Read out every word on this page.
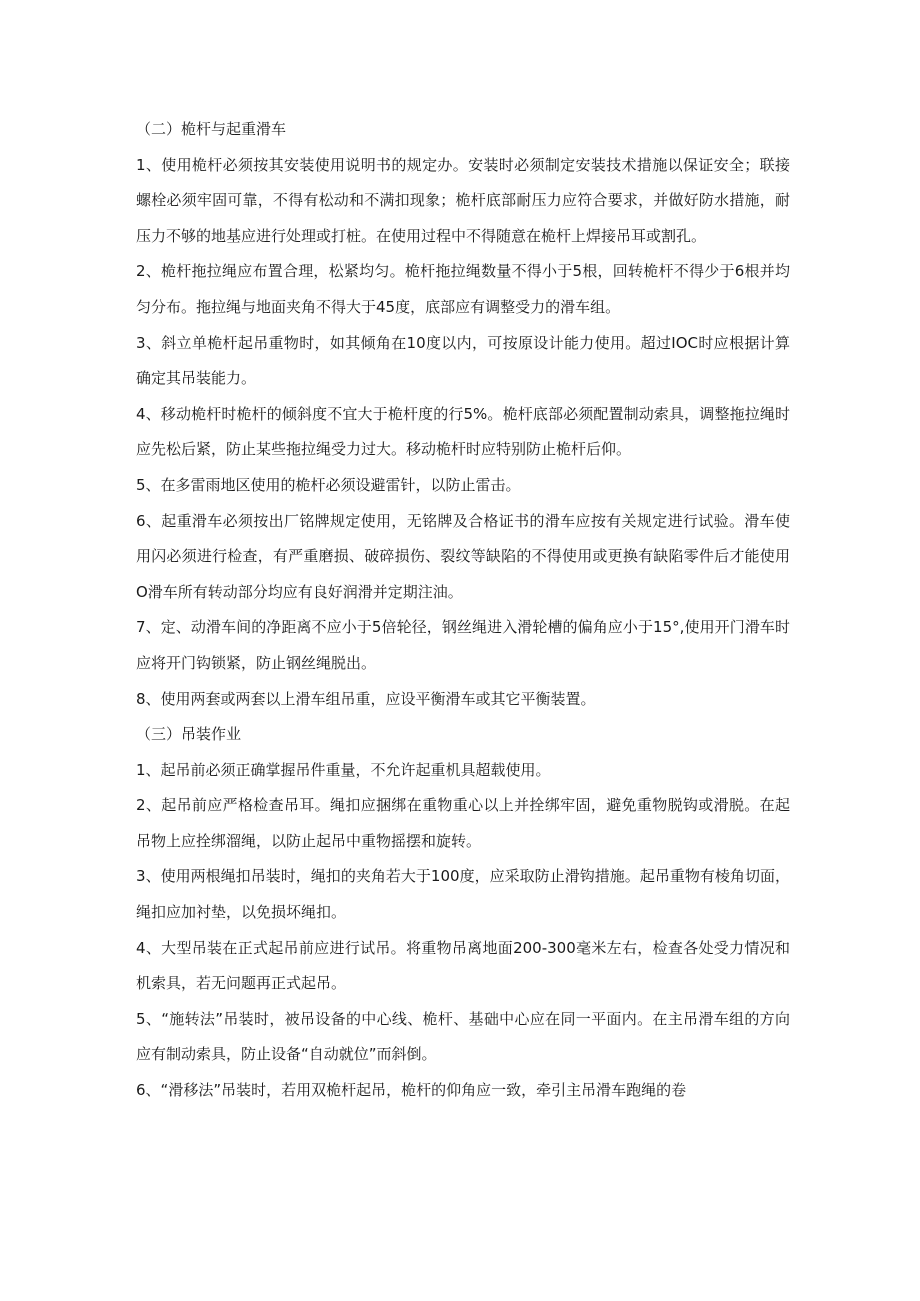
（二）桅杆与起重滑车

1、使用桅杆必须按其安装使用说明书的规定办。安装时必须制定安装技术措施以保证安全；联接螺栓必须牢固可靠，不得有松动和不满扣现象；桅杆底部耐压力应符合要求，并做好防水措施，耐压力不够的地基应进行处理或打桩。在使用过程中不得随意在桅杆上焊接吊耳或割孔。

2、桅杆拖拉绳应布置合理，松紧均匀。桅杆拖拉绳数量不得小于5根，回转桅杆不得少于6根并均匀分布。拖拉绳与地面夹角不得大于45度，底部应有调整受力的滑车组。

3、斜立单桅杆起吊重物时，如其倾角在10度以内，可按原设计能力使用。超过IOC时应根据计算确定其吊装能力。

4、移动桅杆时桅杆的倾斜度不宜大于桅杆度的行5%。桅杆底部必须配置制动索具，调整拖拉绳时应先松后紧，防止某些拖拉绳受力过大。移动桅杆时应特别防止桅杆后仰。

5、在多雷雨地区使用的桅杆必须设避雷针，以防止雷击。

6、起重滑车必须按出厂铭牌规定使用，无铭牌及合格证书的滑车应按有关规定进行试验。滑车使用闪必须进行检查，有严重磨损、破碎损伤、裂纹等缺陷的不得使用或更换有缺陷零件后才能使用O滑车所有转动部分均应有良好润滑并定期注油。

7、定、动滑车间的净距离不应小于5倍轮径，钢丝绳进入滑轮槽的偏角应小于15°,使用开门滑车时应将开门钩锁紧，防止钢丝绳脱出。

8、使用两套或两套以上滑车组吊重，应设平衡滑车或其它平衡装置。

（三）吊装作业

1、起吊前必须正确掌握吊件重量，不允许起重机具超载使用。

2、起吊前应严格检查吊耳。绳扣应捆绑在重物重心以上并拴绑牢固，避免重物脱钩或滑脱。在起吊物上应拴绑溜绳，以防止起吊中重物摇摆和旋转。

3、使用两根绳扣吊装时，绳扣的夹角若大于100度，应采取防止滑钩措施。起吊重物有棱角切面，绳扣应加衬垫，以免损坏绳扣。

4、大型吊装在正式起吊前应进行试吊。将重物吊离地面200-300毫米左右，检查各处受力情况和机索具，若无问题再正式起吊。

5、“施转法”吊装时，被吊设备的中心线、桅杆、基础中心应在同一平面内。在主吊滑车组的方向应有制动索具，防止设备“自动就位”而斜倒。

6、“滑移法”吊装时，若用双桅杆起吊，桅杆的仰角应一致，牵引主吊滑车跑绳的卷
